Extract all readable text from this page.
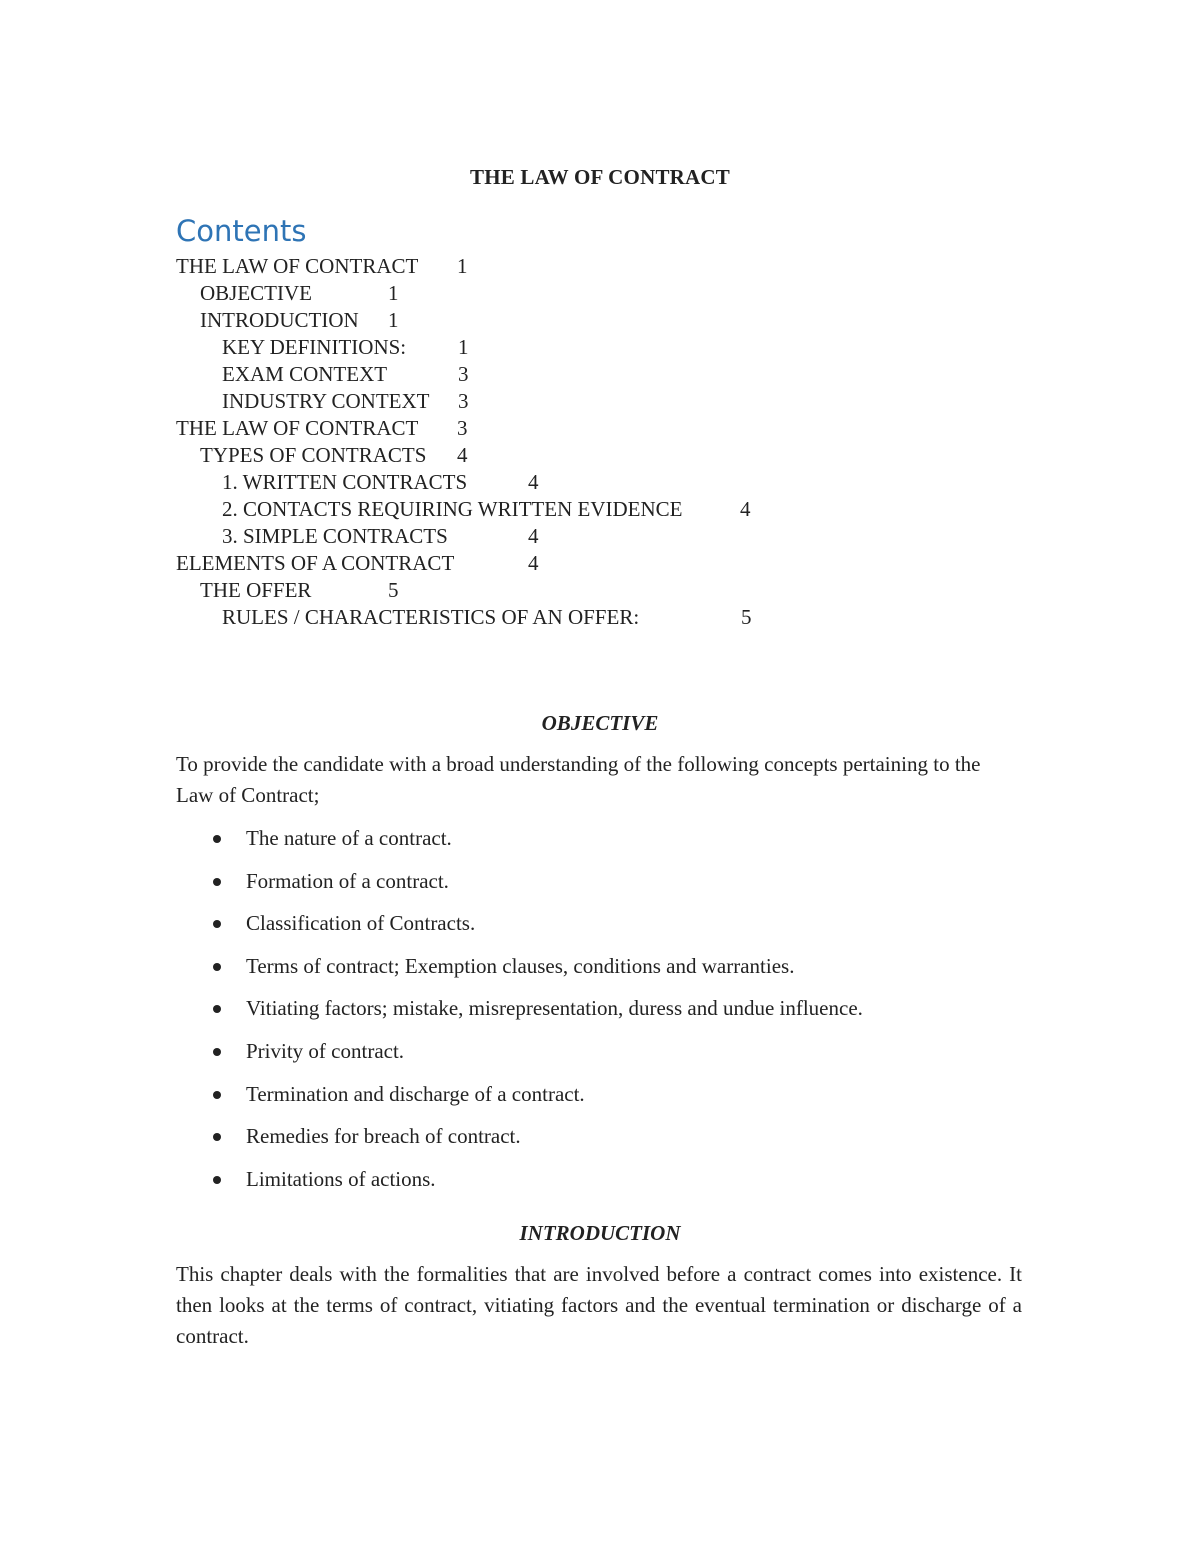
THE LAW OF CONTRACT
Contents
THE LAW OF CONTRACT 1
OBJECTIVE	1
INTRODUCTION 1
KEY DEFINITIONS: 1
EXAM CONTEXT	3
INDUSTRY CONTEXT 3
THE LAW OF CONTRACT 3
TYPES OF CONTRACTS 4
1. WRITTEN CONTRACTS	4
2. CONTACTS REQUIRING WRITTEN EVIDENCE	4
3. SIMPLE CONTRACTS	4
ELEMENTS OF A CONTRACT	4
THE OFFER	5
RULES / CHARACTERISTICS OF AN OFFER:	5
OBJECTIVE
To provide the candidate with a broad understanding of the following concepts pertaining to the Law of Contract;
The nature of a contract.
Formation of a contract.
Classification of Contracts.
Terms of contract; Exemption clauses, conditions and warranties.
Vitiating factors; mistake, misrepresentation, duress and undue influence.
Privity of contract.
Termination and discharge of a contract.
Remedies for breach of contract.
Limitations of actions.
INTRODUCTION
This chapter deals with the formalities that are involved before a contract comes into existence. It then looks at the terms of contract, vitiating factors and the eventual termination or discharge of a contract.
